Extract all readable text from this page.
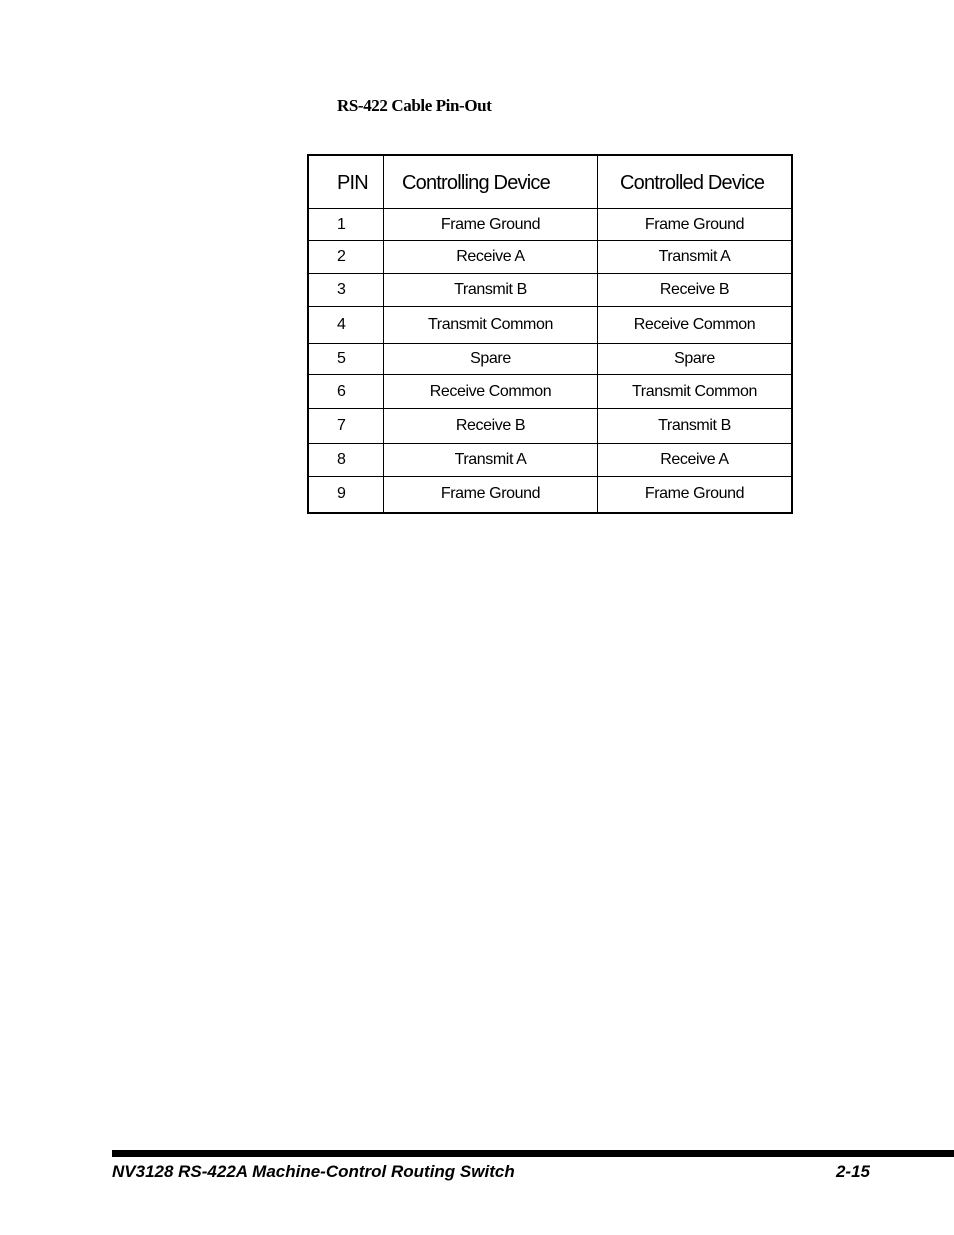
RS-422 Cable Pin-Out
PIN	Controlling Device	Controlled Device
1	Frame Ground	Frame Ground
2	Receive A	Transmit A
3	Transmit B	Receive B
4	Transmit Common	Receive Common
5	Spare	Spare
6	Receive Common	Transmit Common
7	Receive B	Transmit B
8	Transmit A	Receive A
9	Frame Ground	Frame Ground
NV3128 RS-422A Machine-Control Routing Switch	2-15
